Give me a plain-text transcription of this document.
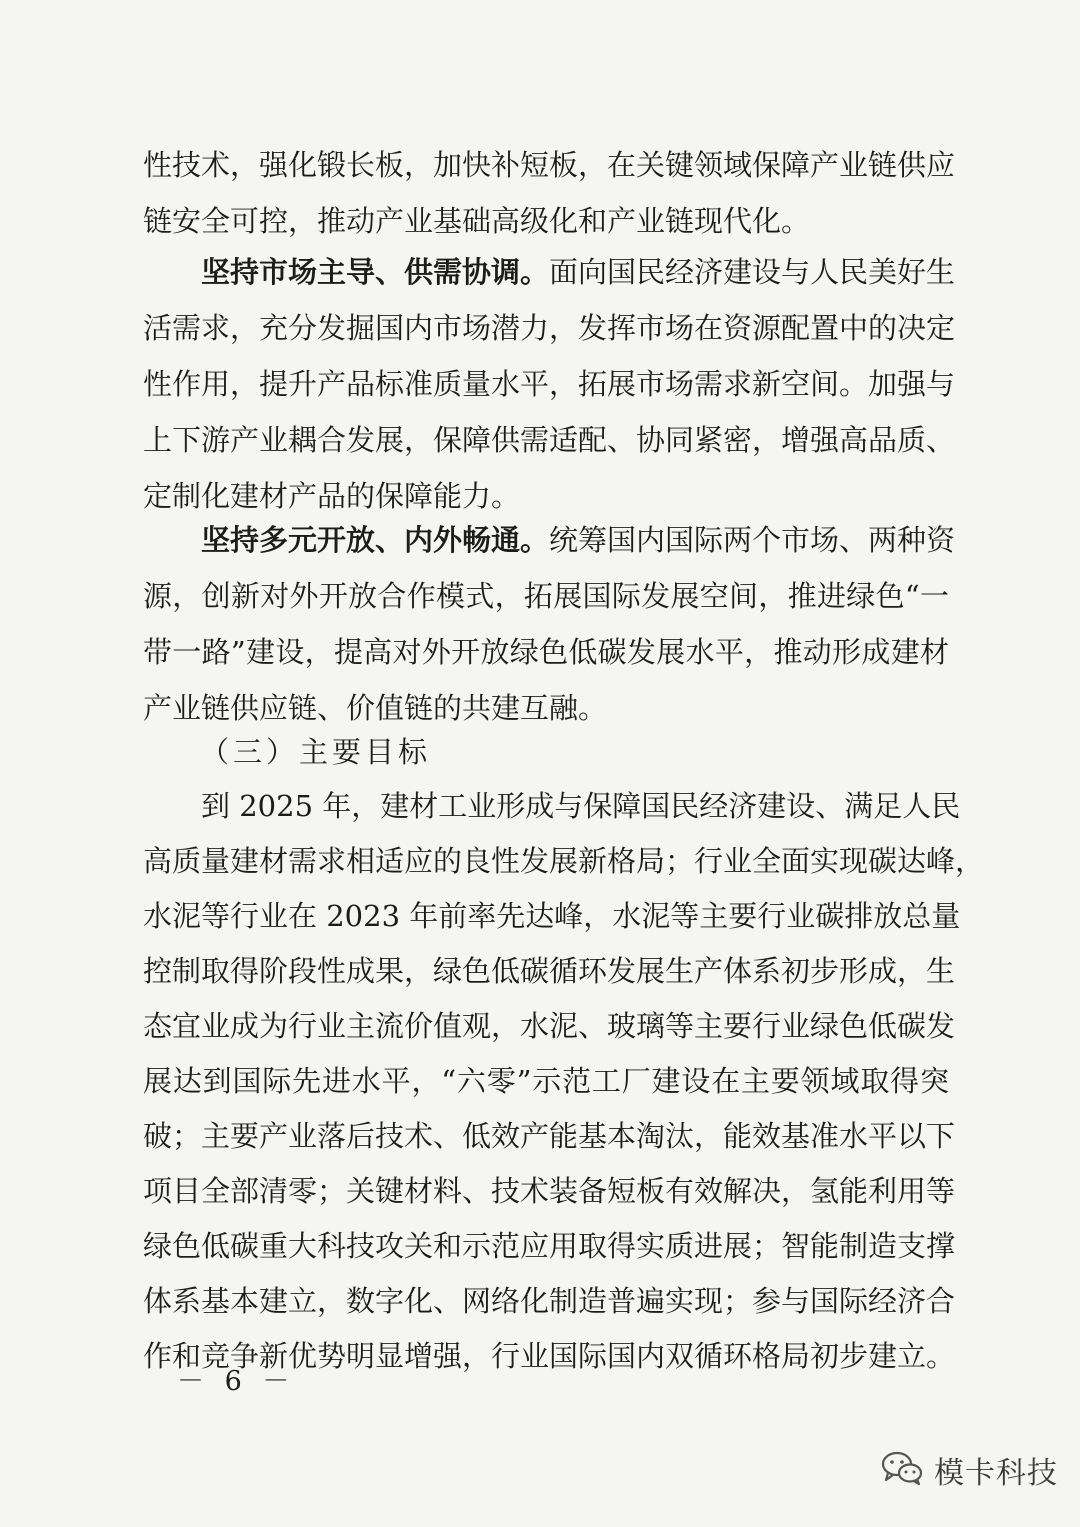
性技术，强化锻长板，加快补短板，在关键领域保障产业链供应
链安全可控，推动产业基础高级化和产业链现代化。
坚持市场主导、供需协调。面向国民经济建设与人民美好生
活需求，充分发掘国内市场潜力，发挥市场在资源配置中的决定
性作用，提升产品标准质量水平，拓展市场需求新空间。加强与
上下游产业耦合发展，保障供需适配、协同紧密，增强高品质、
定制化建材产品的保障能力。
坚持多元开放、内外畅通。统筹国内国际两个市场、两种资
源，创新对外开放合作模式，拓展国际发展空间，推进绿色“一
带一路”建设，提高对外开放绿色低碳发展水平，推动形成建材
产业链供应链、价值链的共建互融。
（三）主要目标
到 2025 年，建材工业形成与保障国民经济建设、满足人民
高质量建材需求相适应的良性发展新格局；行业全面实现碳达峰，
水泥等行业在 2023 年前率先达峰，水泥等主要行业碳排放总量
控制取得阶段性成果，绿色低碳循环发展生产体系初步形成，生
态宜业成为行业主流价值观，水泥、玻璃等主要行业绿色低碳发
展达到国际先进水平，“六零”示范工厂建设在主要领域取得突
破；主要产业落后技术、低效产能基本淘汰，能效基准水平以下
项目全部清零；关键材料、技术装备短板有效解决，氢能利用等
绿色低碳重大科技攻关和示范应用取得实质进展；智能制造支撑
体系基本建立，数字化、网络化制造普遍实现；参与国际经济合
作和竞争新优势明显增强，行业国际国内双循环格局初步建立。
－ 6 －
模卡科技
